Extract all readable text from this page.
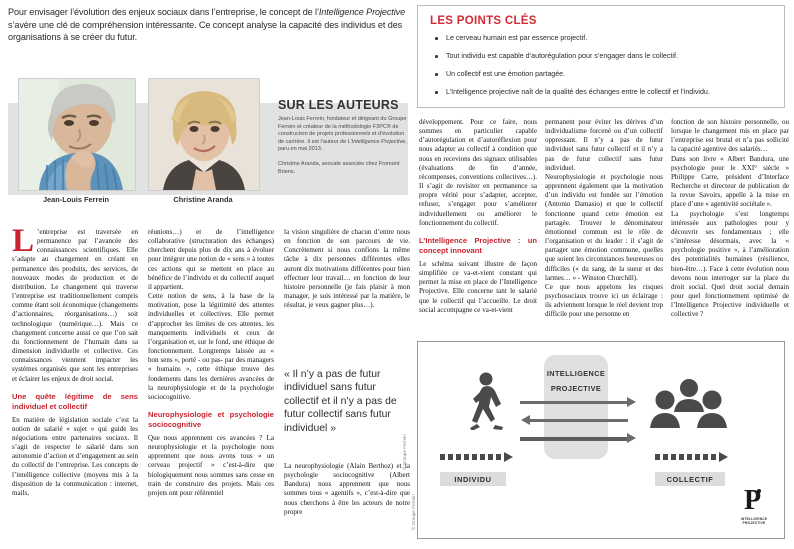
Pour envisager l’évolution des enjeux sociaux dans l’entreprise, le concept de l’Intelligence Projective s’avère une clé de compréhension intéressante. Ce concept analyse la capacité des individus et des organisations à se créer du futur.
Jean-Louis Ferrein	Christine Aranda
SUR LES AUTEURS

Jean-Louis Ferrein, fondateur et dirigeant du Groupe Ferrein et créateur de la méthodologie F3PC® de construction de projets professionnels et d’évolution de carrière. Il est l’auteur de L’Intelligence Projective, paru en mai 2013.

Christine Aranda, avocate associée chez Fromont Briens.

LES POINTS CLÉS
Le cerveau humain est par essence projectif.
Tout individu est capable d’autorégulation pour s’engager dans le collectif.
Un collectif est une émotion partagée.
L’Intelligence projective naît de la qualité des échanges entre le collectif et l’individu.

L ’entreprise est traversée en permanence par l’avancée des connaissances scientifiques. Elle s’adapte au changement en créant en permanence des produits, des services, de nouveaux modes de production et de distribution. Le changement qui traverse l’entreprise est traditionnellement compris comme étant soit économique (changements d’actionnaires, réorganisations…) soit technologique (numérique…). Mais ce changement concerne aussi ce que l’on sait du fonctionnement de l’humain dans sa dimension individuelle et collective. Ces connaissances viennent impacter les systèmes organisés que sont les entreprises et éclairer les enjeux de droit social.

Une quête légitime de sens individuel et collectif

En matière de législation sociale c’est la notion de salarié « sujet » qui guide les négociations entre partenaires sociaux. Il s’agit de respecter le salarié dans son autonomie d’action et d’engagement au sein du collectif de l’entreprise. Les concepts de l’intelligence collective (moyens mis à la disposition de la communication : internet, mails,

réunions…) et de l’intelligence collaborative (structuration des échanges) cherchent depuis plus de dix ans à évoluer pour intégrer une notion de « sens » à toutes ces actions qui se mettent en place au bénéfice de l’individu et du collectif auquel il appartient.

Cette notion de sens, à la base de la motivation, pose la légitimité des attentes individuelles et collectives. Elle permet d’approcher les limites de ces attentes, les manquements individuels et ceux de l’organisation et, sur le fond, une éthique de fonctionnement. Longtemps laissée au « bon sens », porté - ou pas- par des managers « humains », cette éthique trouve des fondements dans les dernières avancées de la neurophysiologie et de la psychologie sociocognitive.

Neurophysiologie et psychologie sociocognitive

Que nous apprennent ces avancées ? La neurophysiologie et la psychologie nous apprennent que nous avons tous « un cerveau projectif » c’est-à-dire que biologiquement nous sommes sans cesse en train de construire des projets. Mais ces projets ont pour référentiel

la vision singulière de chacun d’entre nous en fonction de son parcours de vie. Concrètement si nous confions la même tâche à dix personnes différentes elles auront dix motivations différentes pour bien effectuer leur travail… en fonction de leur histoire personnelle (je fais plaisir à mon manager, je suis intéressé par la matière, le résultat, je veux gagner plus…).

« Il n’y a pas de futur individuel sans futur collectif et il n’y a pas de futur collectif sans futur individuel »

La neurophysiologie (Alain Berthoz) et la psychologie sociocognitive (Albert Bandura) nous apprennent que nous sommes tous « agentifs », c’est-à-dire que nous cherchons à être les acteurs de notre propre

développement. Pour ce faire, nous sommes en particulier capable d’autorégulation et d’autoréflexion pour nous adapter au collectif à condition que nous en recevions des signaux utilisables (évaluations de fin d’année, récompenses, conventions collectives…). Il s’agit de revisiter en permanence sa propre vérité pour s’adapter, accepter, refuser, s’engager pour s’améliorer individuellement ou améliorer le fonctionnement du collectif.

L’Intelligence Projective : un concept innovant

Le schéma suivant illustre de façon simplifiée ce va-et-vient constant qui permet la mise en place de l’Intelligence Projective. Elle concerne tant le salarié que le collectif qui l’accueille. Le droit social accompagne ce va-et-vient

permanent pour éviter les dérives d’un individualisme forcené ou d’un collectif oppressant. Il n’y a pas de futur individuel sans futur collectif et il n’y a pas de futur collectif sans futur individuel.

Neurophysiologie et psychologie nous apprennent également que la motivation d’un individu est fondée sur l’émotion (Antonio Damasio) et que le collectif fonctionne quand cette émotion est partagée. Trouver le dénominateur émotionnel commun est le rôle de l’organisation et du leader : il s’agit de partager une émotion commune, quelles que soient les circonstances heureuses ou difficiles (« du sang, de la sueur et des larmes… » - Winston Churchill).

Ce que nous appelons les risques psychosociaux trouve ici un éclairage : ils adviennent lorsque le réel devient trop difficile pour une personne en

fonction de son histoire personnelle, ou lorsque le changement mis en place par l’entreprise est brutal et n’a pas sollicité la capacité agentive des salariés…

Dans son livre « Albert Bandura, une psychologie pour le XXI° siècle » Philippe Carre, président d’Interface Recherche et directeur de publication de la revue Savoirs, appelle à la mise en place d’une « agentivité sociétale ».

La psychologie s’est longtemps intéressée aux pathologies pour y découvrir ses fondamentaux ; elle s’intéresse désormais, avec la « psychologie positive », à l’amélioration des potentialités humaines (résilience, bien-être…). Face à cette évolution nous devons nous interroger sur la place du droit social. Quel droit social demain pour quel fonctionnement optimisé de l’Intelligence Projective individuelle et collective ?

INTELLIGENCE
PROJECTIVE
INDIVIDU	COLLECTIF
P
INTELLIGENCE
PROJECTIVE
© Groupe Ferrein
© Groupe Ferrein
